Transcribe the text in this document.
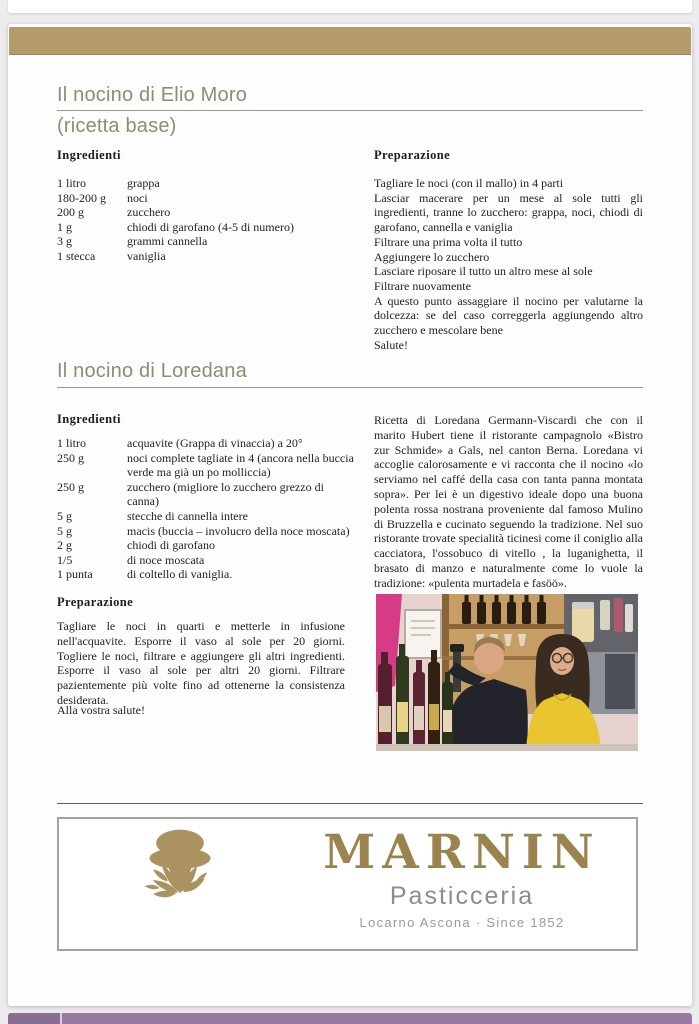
Il nocino di Elio Moro
(ricetta base)
Ingredienti
1 litro	grappa
180-200 g	noci
200 g	zucchero
1 g	chiodi di garofano (4-5 di numero)
3 g	grammi cannella
1 stecca	vaniglia
Preparazione
Tagliare le noci (con il mallo) in 4 parti
Lasciar macerare per un mese al sole tutti gli ingredienti, tranne lo zucchero: grappa, noci, chiodi di garofano, cannella e vaniglia
Filtrare una prima volta il tutto
Aggiungere lo zucchero
Lasciare riposare il tutto un altro mese al sole
Filtrare nuovamente
A questo punto assaggiare il nocino per valutarne la dolcezza: se del caso correggerla aggiungendo altro zucchero e mescolare bene
Salute!
Il nocino di Loredana
Ingredienti
1 litro	acquavite (Grappa di vinaccia) a 20°
250 g	noci complete tagliate in 4 (ancora nella buccia verde ma già un po molliccia)
250 g	zucchero (migliore lo zucchero grezzo di canna)
5 g	stecche di cannella intere
5 g	macis (buccia – involucro della noce moscata)
2 g	chiodi di garofano
1/5	di noce moscata
1 punta	di coltello di vaniglia.
Ricetta di Loredana Germann-Viscardi che con il marito Hubert tiene il ristorante campagnolo «Bistro zur Schmide» a Gals, nel canton Berna. Loredana vi accoglie calorosamente e vi racconta che il nocino «lo serviamo nel caffé della casa con tanta panna montata sopra». Per lei è un digestivo ideale dopo una buona polenta rossa nostrana proveniente dal famoso Mulino di Bruzzella e cucinato seguendo la tradizione. Nel suo ristorante trovate specialità ticinesi come il coniglio alla cacciatora, l'ossobuco di vitello , la luganighetta, il brasato di manzo e naturalmente come lo vuole la tradizione: «pulenta murtadela e fasöö».
Preparazione
Tagliare le noci in quarti e metterle in infusione nell'acquavite. Esporre il vaso al sole per 20 giorni. Togliere le noci, filtrare e aggiungere gli altri ingredienti. Esporre il vaso al sole per altri 20 giorni. Filtrare pazientemente più volte fino ad ottenerne la consistenza desiderata.
Alla vostra salute!
MARNIN
Pasticceria
Locarno Ascona · Since 1852
